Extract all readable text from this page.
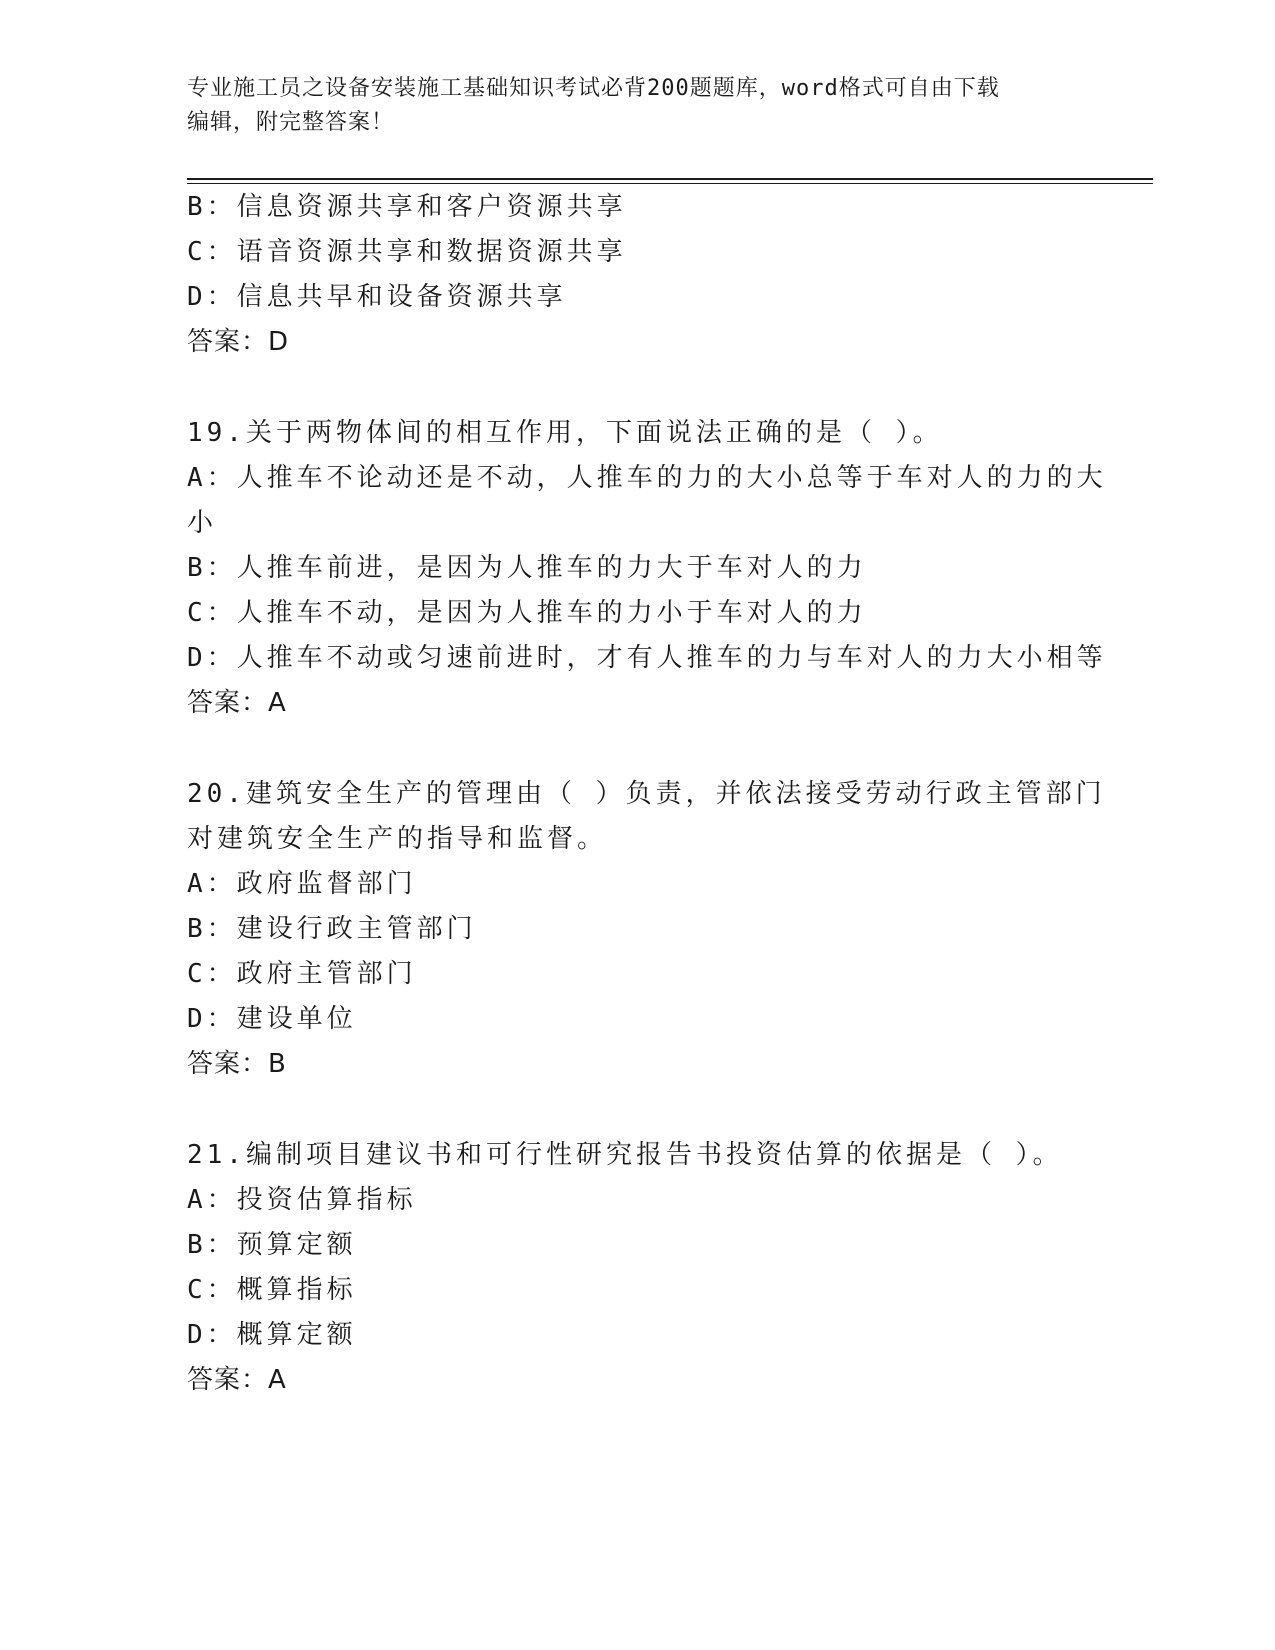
专业施工员之设备安装施工基础知识考试必背200题题库，word格式可自由下载
编辑，附完整答案！
B：信息资源共享和客户资源共享
C：语音资源共享和数据资源共享
D：信息共早和设备资源共享
答案：D
19.关于两物体间的相互作用，下面说法正确的是（ ）。
A：人推车不论动还是不动，人推车的力的大小总等于车对人的力的大
小
B：人推车前进，是因为人推车的力大于车对人的力
C：人推车不动，是因为人推车的力小于车对人的力
D：人推车不动或匀速前进时，才有人推车的力与车对人的力大小相等
答案：A
20.建筑安全生产的管理由（ ）负责，并依法接受劳动行政主管部门
对建筑安全生产的指导和监督。
A：政府监督部门
B：建设行政主管部门
C：政府主管部门
D：建设单位
答案：B
21.编制项目建议书和可行性研究报告书投资估算的依据是（ ）。
A：投资估算指标
B：预算定额
C：概算指标
D：概算定额
答案：A
